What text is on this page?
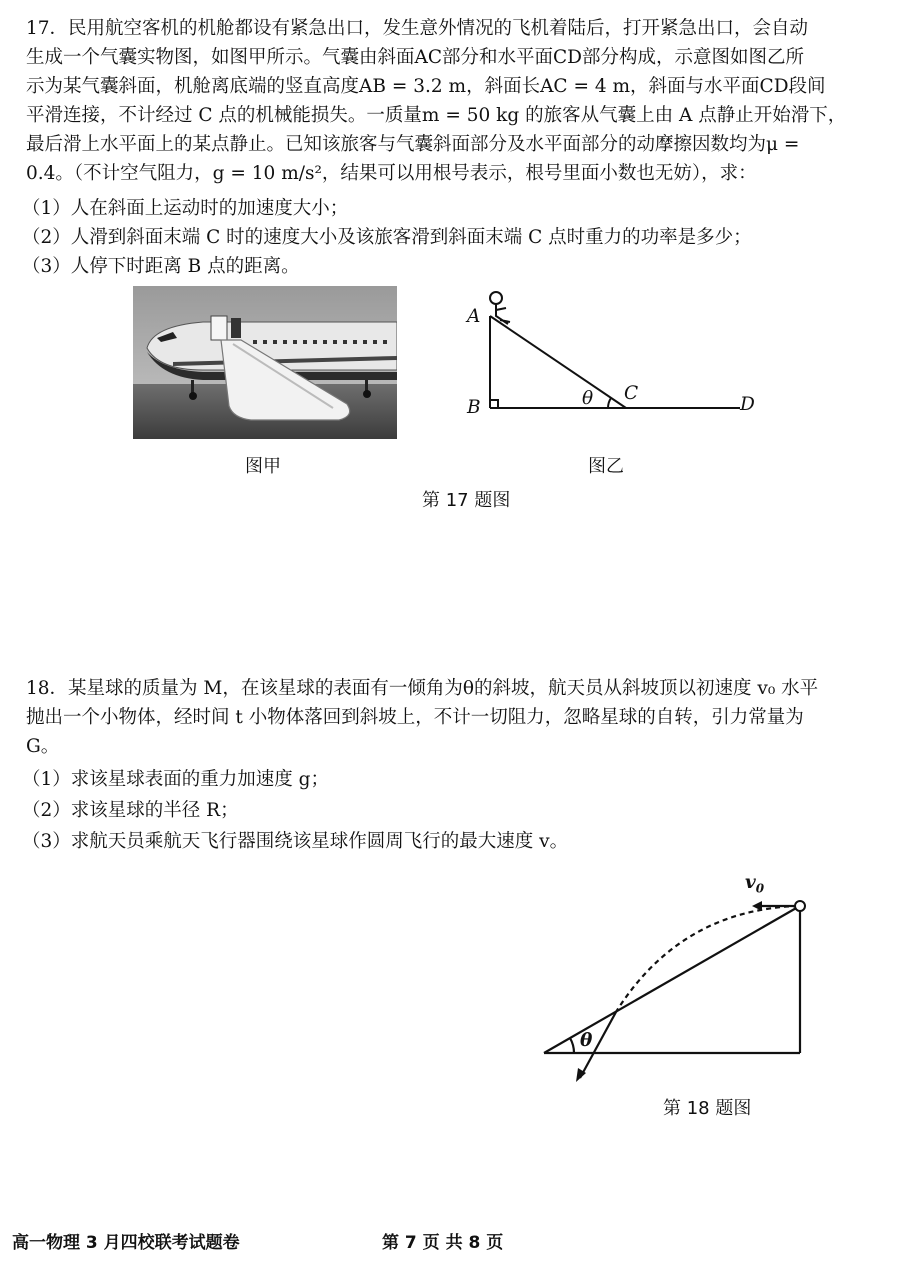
17．民用航空客机的机舱都设有紧急出口，发生意外情况的飞机着陆后，打开紧急出口，会自动
生成一个气囊实物图，如图甲所示。气囊由斜面AC部分和水平面CD部分构成，示意图如图乙所
示为某气囊斜面，机舱离底端的竖直高度AB = 3.2 m，斜面长AC = 4 m，斜面与水平面CD段间
平滑连接，不计经过 C 点的机械能损失。一质量m = 50 kg 的旅客从气囊上由 A 点静止开始滑下，
最后滑上水平面上的某点静止。已知该旅客与气囊斜面部分及水平面部分的动摩擦因数均为μ =
0.4。（不计空气阻力，g = 10 m/s²，结果可以用根号表示，根号里面小数也无妨），求：
（1）人在斜面上运动时的加速度大小；
（2）人滑到斜面末端 C 时的速度大小及该旅客滑到斜面末端 C 点时重力的功率是多少；
（3）人停下时距离 B 点的距离。
图甲
A
B
C
D
θ
图乙
第 17 题图
18．某星球的质量为 M，在该星球的表面有一倾角为θ的斜坡，航天员从斜坡顶以初速度 v₀ 水平
抛出一个小物体，经时间 t 小物体落回到斜坡上，不计一切阻力，忽略星球的自转，引力常量为
G。
（1）求该星球表面的重力加速度 g；
（2）求该星球的半径 R；
（3）求航天员乘航天飞行器围绕该星球作圆周飞行的最大速度 v。
$v_0$
θ
第 18 题图
高一物理 3 月四校联考试题卷	第 7 页 共 8 页
